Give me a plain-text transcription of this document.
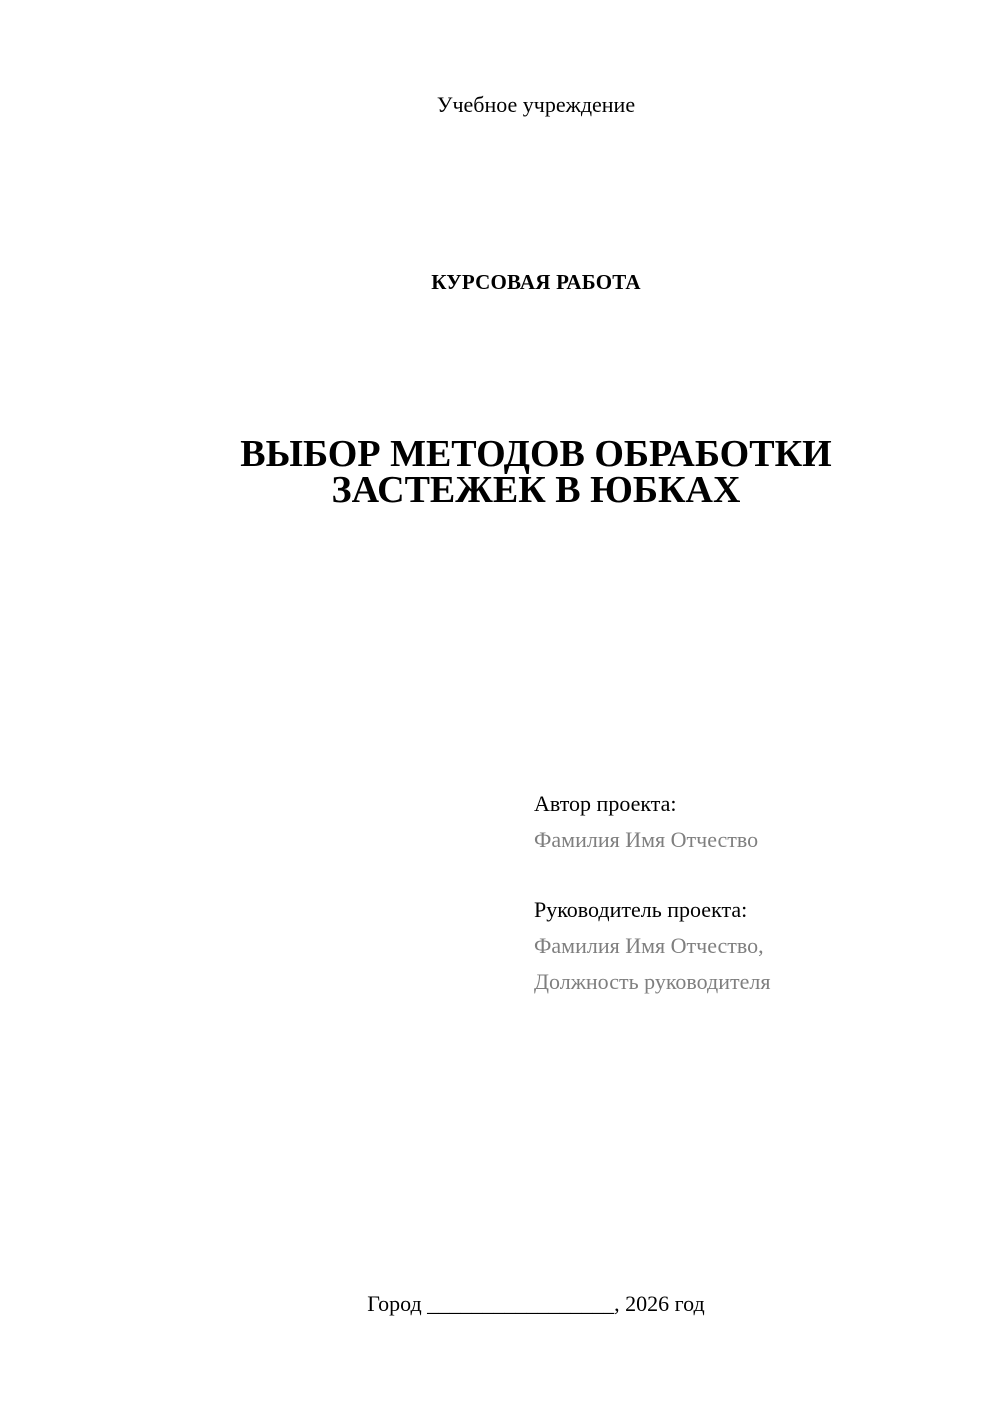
Учебное учреждение
КУРСОВАЯ РАБОТА
ВЫБОР МЕТОДОВ ОБРАБОТКИ
ЗАСТЕЖЕК В ЮБКАХ
Автор проекта:
Фамилия Имя Отчество
Руководитель проекта:
Фамилия Имя Отчество,
Должность руководителя
Город _________________, 2026 год
